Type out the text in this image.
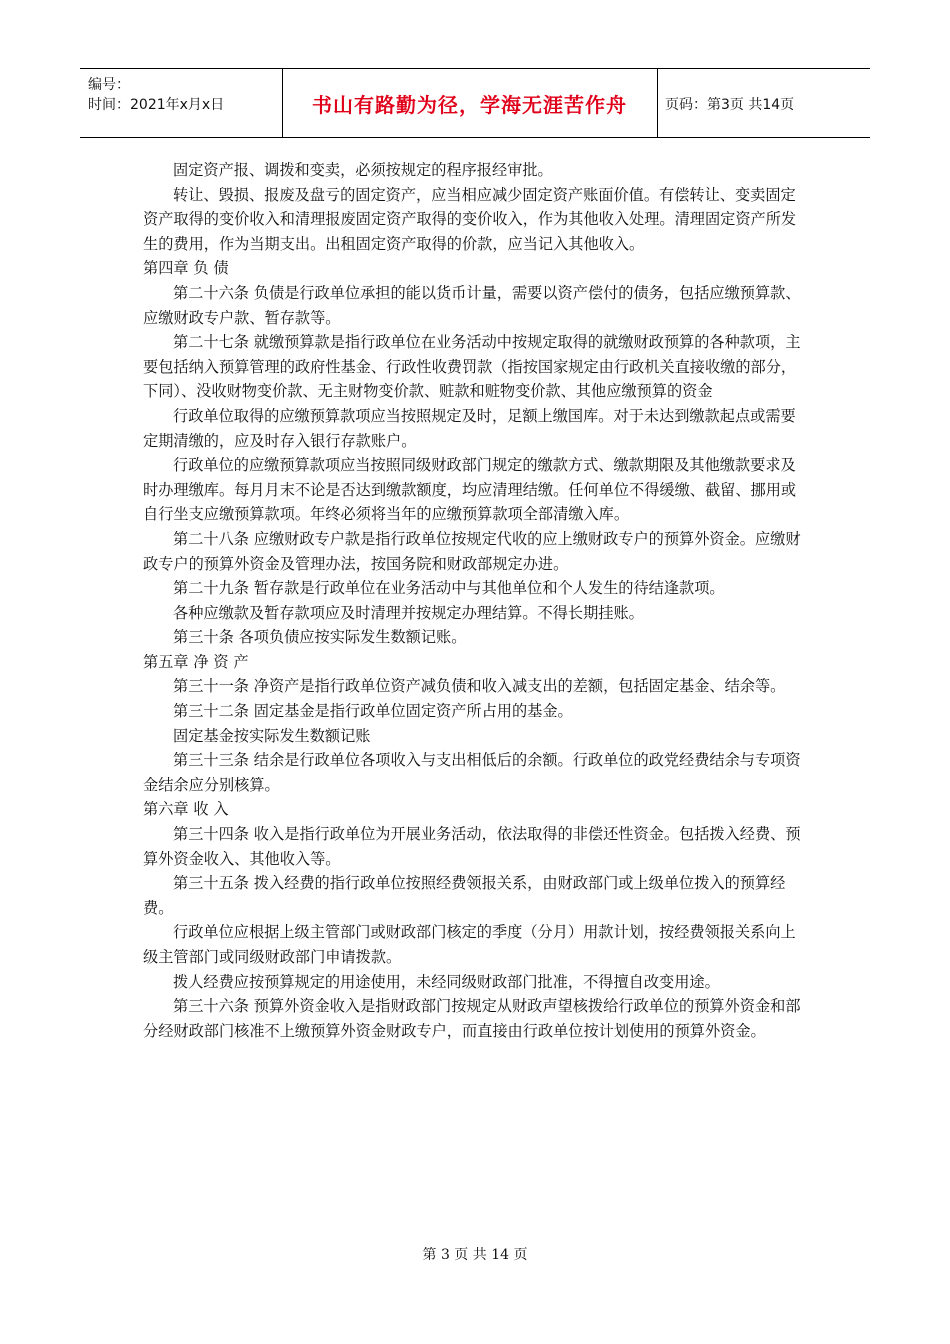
编号：
时间：2021年x月x日	书山有路勤为径，学海无涯苦作舟	页码：第3页 共14页

固定资产报、调拨和变卖，必须按规定的程序报经审批。

转让、毁损、报废及盘亏的固定资产，应当相应减少固定资产账面价值。有偿转让、变卖固定资产取得的变价收入和清理报废固定资产取得的变价收入，作为其他收入处理。清理固定资产所发生的费用，作为当期支出。出租固定资产取得的价款，应当记入其他收入。

第四章 负 债

第二十六条 负债是行政单位承担的能以货币计量，需要以资产偿付的债务，包括应缴预算款、应缴财政专户款、暂存款等。

第二十七条 就缴预算款是指行政单位在业务活动中按规定取得的就缴财政预算的各种款项，主要包括纳入预算管理的政府性基金、行政性收费罚款（指按国家规定由行政机关直接收缴的部分，下同）、没收财物变价款、无主财物变价款、赃款和赃物变价款、其他应缴预算的资金

行政单位取得的应缴预算款项应当按照规定及时，足额上缴国库。对于未达到缴款起点或需要定期清缴的，应及时存入银行存款账户。

行政单位的应缴预算款项应当按照同级财政部门规定的缴款方式、缴款期限及其他缴款要求及时办理缴库。每月月末不论是否达到缴款额度，均应清理结缴。任何单位不得缓缴、截留、挪用或自行坐支应缴预算款项。年终必须将当年的应缴预算款项全部清缴入库。

第二十八条 应缴财政专户款是指行政单位按规定代收的应上缴财政专户的预算外资金。应缴财政专户的预算外资金及管理办法，按国务院和财政部规定办进。

第二十九条 暂存款是行政单位在业务活动中与其他单位和个人发生的待结逢款项。

各种应缴款及暂存款项应及时清理并按规定办理结算。不得长期挂账。

第三十条 各项负债应按实际发生数额记账。

第五章 净 资 产

第三十一条 净资产是指行政单位资产减负债和收入减支出的差额，包括固定基金、结余等。

第三十二条 固定基金是指行政单位固定资产所占用的基金。

固定基金按实际发生数额记账

第三十三条 结余是行政单位各项收入与支出相低后的余额。行政单位的政党经费结余与专项资金结余应分别核算。

第六章 收 入

第三十四条 收入是指行政单位为开展业务活动，依法取得的非偿还性资金。包括拨入经费、预算外资金收入、其他收入等。

第三十五条 拨入经费的指行政单位按照经费领报关系，由财政部门或上级单位拨入的预算经费。

行政单位应根据上级主管部门或财政部门核定的季度（分月）用款计划，按经费领报关系向上级主管部门或同级财政部门申请拨款。

拨人经费应按预算规定的用途使用，未经同级财政部门批准，不得擅自改变用途。

第三十六条 预算外资金收入是指财政部门按规定从财政声望核拨给行政单位的预算外资金和部分经财政部门核准不上缴预算外资金财政专户，而直接由行政单位按计划使用的预算外资金。

第 3 页 共 14 页
